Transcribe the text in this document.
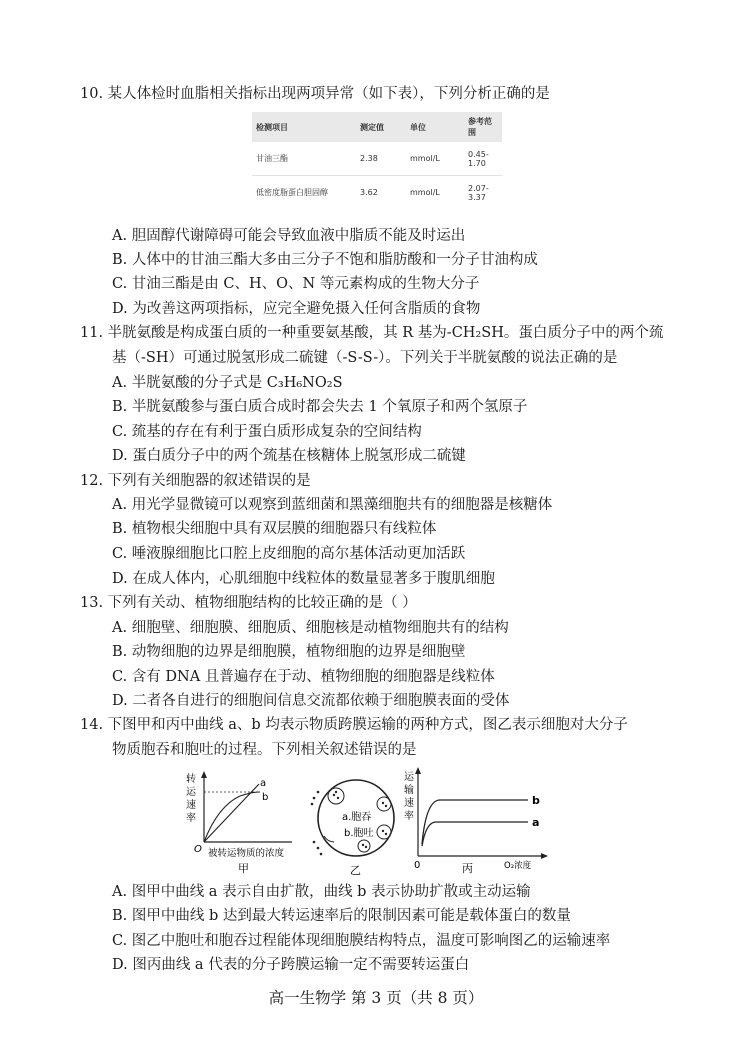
10. 某人体检时血脂相关指标出现两项异常（如下表），下列分析正确的是
检测项目	测定值	单位	参考范围
甘油三酯	2.38	mmol/L	0.45-1.70
低密度脂蛋白胆固醇	3.62	mmol/L	2.07-3.37
A. 胆固醇代谢障碍可能会导致血液中脂质不能及时运出
B. 人体中的甘油三酯大多由三分子不饱和脂肪酸和一分子甘油构成
C. 甘油三酯是由 C、H、O、N 等元素构成的生物大分子
D. 为改善这两项指标，应完全避免摄入任何含脂质的食物
11. 半胱氨酸是构成蛋白质的一种重要氨基酸，其 R 基为-CH₂SH。蛋白质分子中的两个巯
基（-SH）可通过脱氢形成二硫键（-S-S-）。下列关于半胱氨酸的说法正确的是
A. 半胱氨酸的分子式是 C₃H₆NO₂S
B. 半胱氨酸参与蛋白质合成时都会失去 1 个氧原子和两个氢原子
C. 巯基的存在有利于蛋白质形成复杂的空间结构
D. 蛋白质分子中的两个巯基在核糖体上脱氢形成二硫键
12. 下列有关细胞器的叙述错误的是
A. 用光学显微镜可以观察到蓝细菌和黑藻细胞共有的细胞器是核糖体
B. 植物根尖细胞中具有双层膜的细胞器只有线粒体
C. 唾液腺细胞比口腔上皮细胞的高尔基体活动更加活跃
D. 在成人体内，心肌细胞中线粒体的数量显著多于腹肌细胞
13. 下列有关动、植物细胞结构的比较正确的是（ ）
A. 细胞壁、细胞膜、细胞质、细胞核是动植物细胞共有的结构
B. 动物细胞的边界是细胞膜，植物细胞的边界是细胞壁
C. 含有 DNA 且普遍存在于动、植物细胞的细胞器是线粒体
D. 二者各自进行的细胞间信息交流都依赖于细胞膜表面的受体
14. 下图甲和丙中曲线 a、b 均表示物质跨膜运输的两种方式，图乙表示细胞对大分子
物质胞吞和胞吐的过程。下列相关叙述错误的是
转
运
速
率
O
a
b
被转运物质的浓度
甲
a.胞吞
b.胞吐
乙
运
输
速
率
b
a
0	丙	O₂浓度
A. 图甲中曲线 a 表示自由扩散，曲线 b 表示协助扩散或主动运输
B. 图甲中曲线 b 达到最大转运速率后的限制因素可能是载体蛋白的数量
C. 图乙中胞吐和胞吞过程能体现细胞膜结构特点，温度可影响图乙的运输速率
D. 图丙曲线 a 代表的分子跨膜运输一定不需要转运蛋白
高一生物学 第 3 页（共 8 页）
